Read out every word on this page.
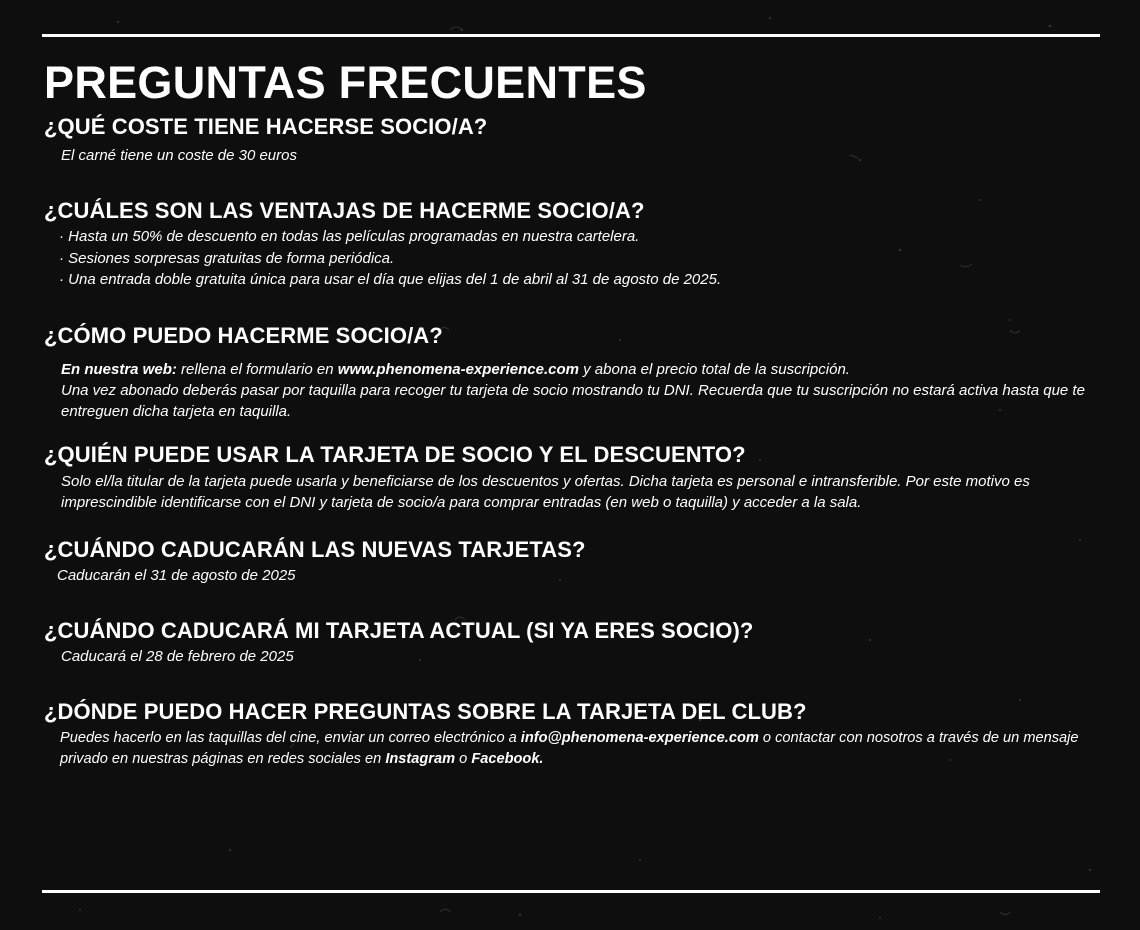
PREGUNTAS FRECUENTES

¿QUÉ COSTE TIENE HACERSE SOCIO/A?

El carné tiene un coste de 30 euros

¿CUÁLES SON LAS VENTAJAS DE HACERME SOCIO/A?

· Hasta un 50% de descuento en todas las películas programadas en nuestra cartelera.
· Sesiones sorpresas gratuitas de forma periódica.
· Una entrada doble gratuita única para usar el día que elijas del 1 de abril al 31 de agosto de 2025.

¿CÓMO PUEDO HACERME SOCIO/A?

En nuestra web: rellena el formulario en www.phenomena-experience.com y abona el precio total de la suscripción.
Una vez abonado deberás pasar por taquilla para recoger tu tarjeta de socio mostrando tu DNI. Recuerda que tu suscripción no estará activa hasta que te entreguen dicha tarjeta en taquilla.

¿QUIÉN PUEDE USAR LA TARJETA DE SOCIO Y EL DESCUENTO?

Solo el/la titular de la tarjeta puede usarla y beneficiarse de los descuentos y ofertas. Dicha tarjeta es personal e intransferible. Por este motivo es imprescindible identificarse con el DNI y tarjeta de socio/a para comprar entradas (en web o taquilla) y acceder a la sala.

¿CUÁNDO CADUCARÁN LAS NUEVAS TARJETAS?

Caducarán el 31 de agosto de 2025

¿CUÁNDO CADUCARÁ MI TARJETA ACTUAL (SI YA ERES SOCIO)?

Caducará el 28 de febrero de 2025

¿DÓNDE PUEDO HACER PREGUNTAS SOBRE LA TARJETA DEL CLUB?

Puedes hacerlo en las taquillas del cine, enviar un correo electrónico a info@phenomena-experience.com o contactar con nosotros a través de un mensaje privado en nuestras páginas en redes sociales en Instagram o Facebook.
